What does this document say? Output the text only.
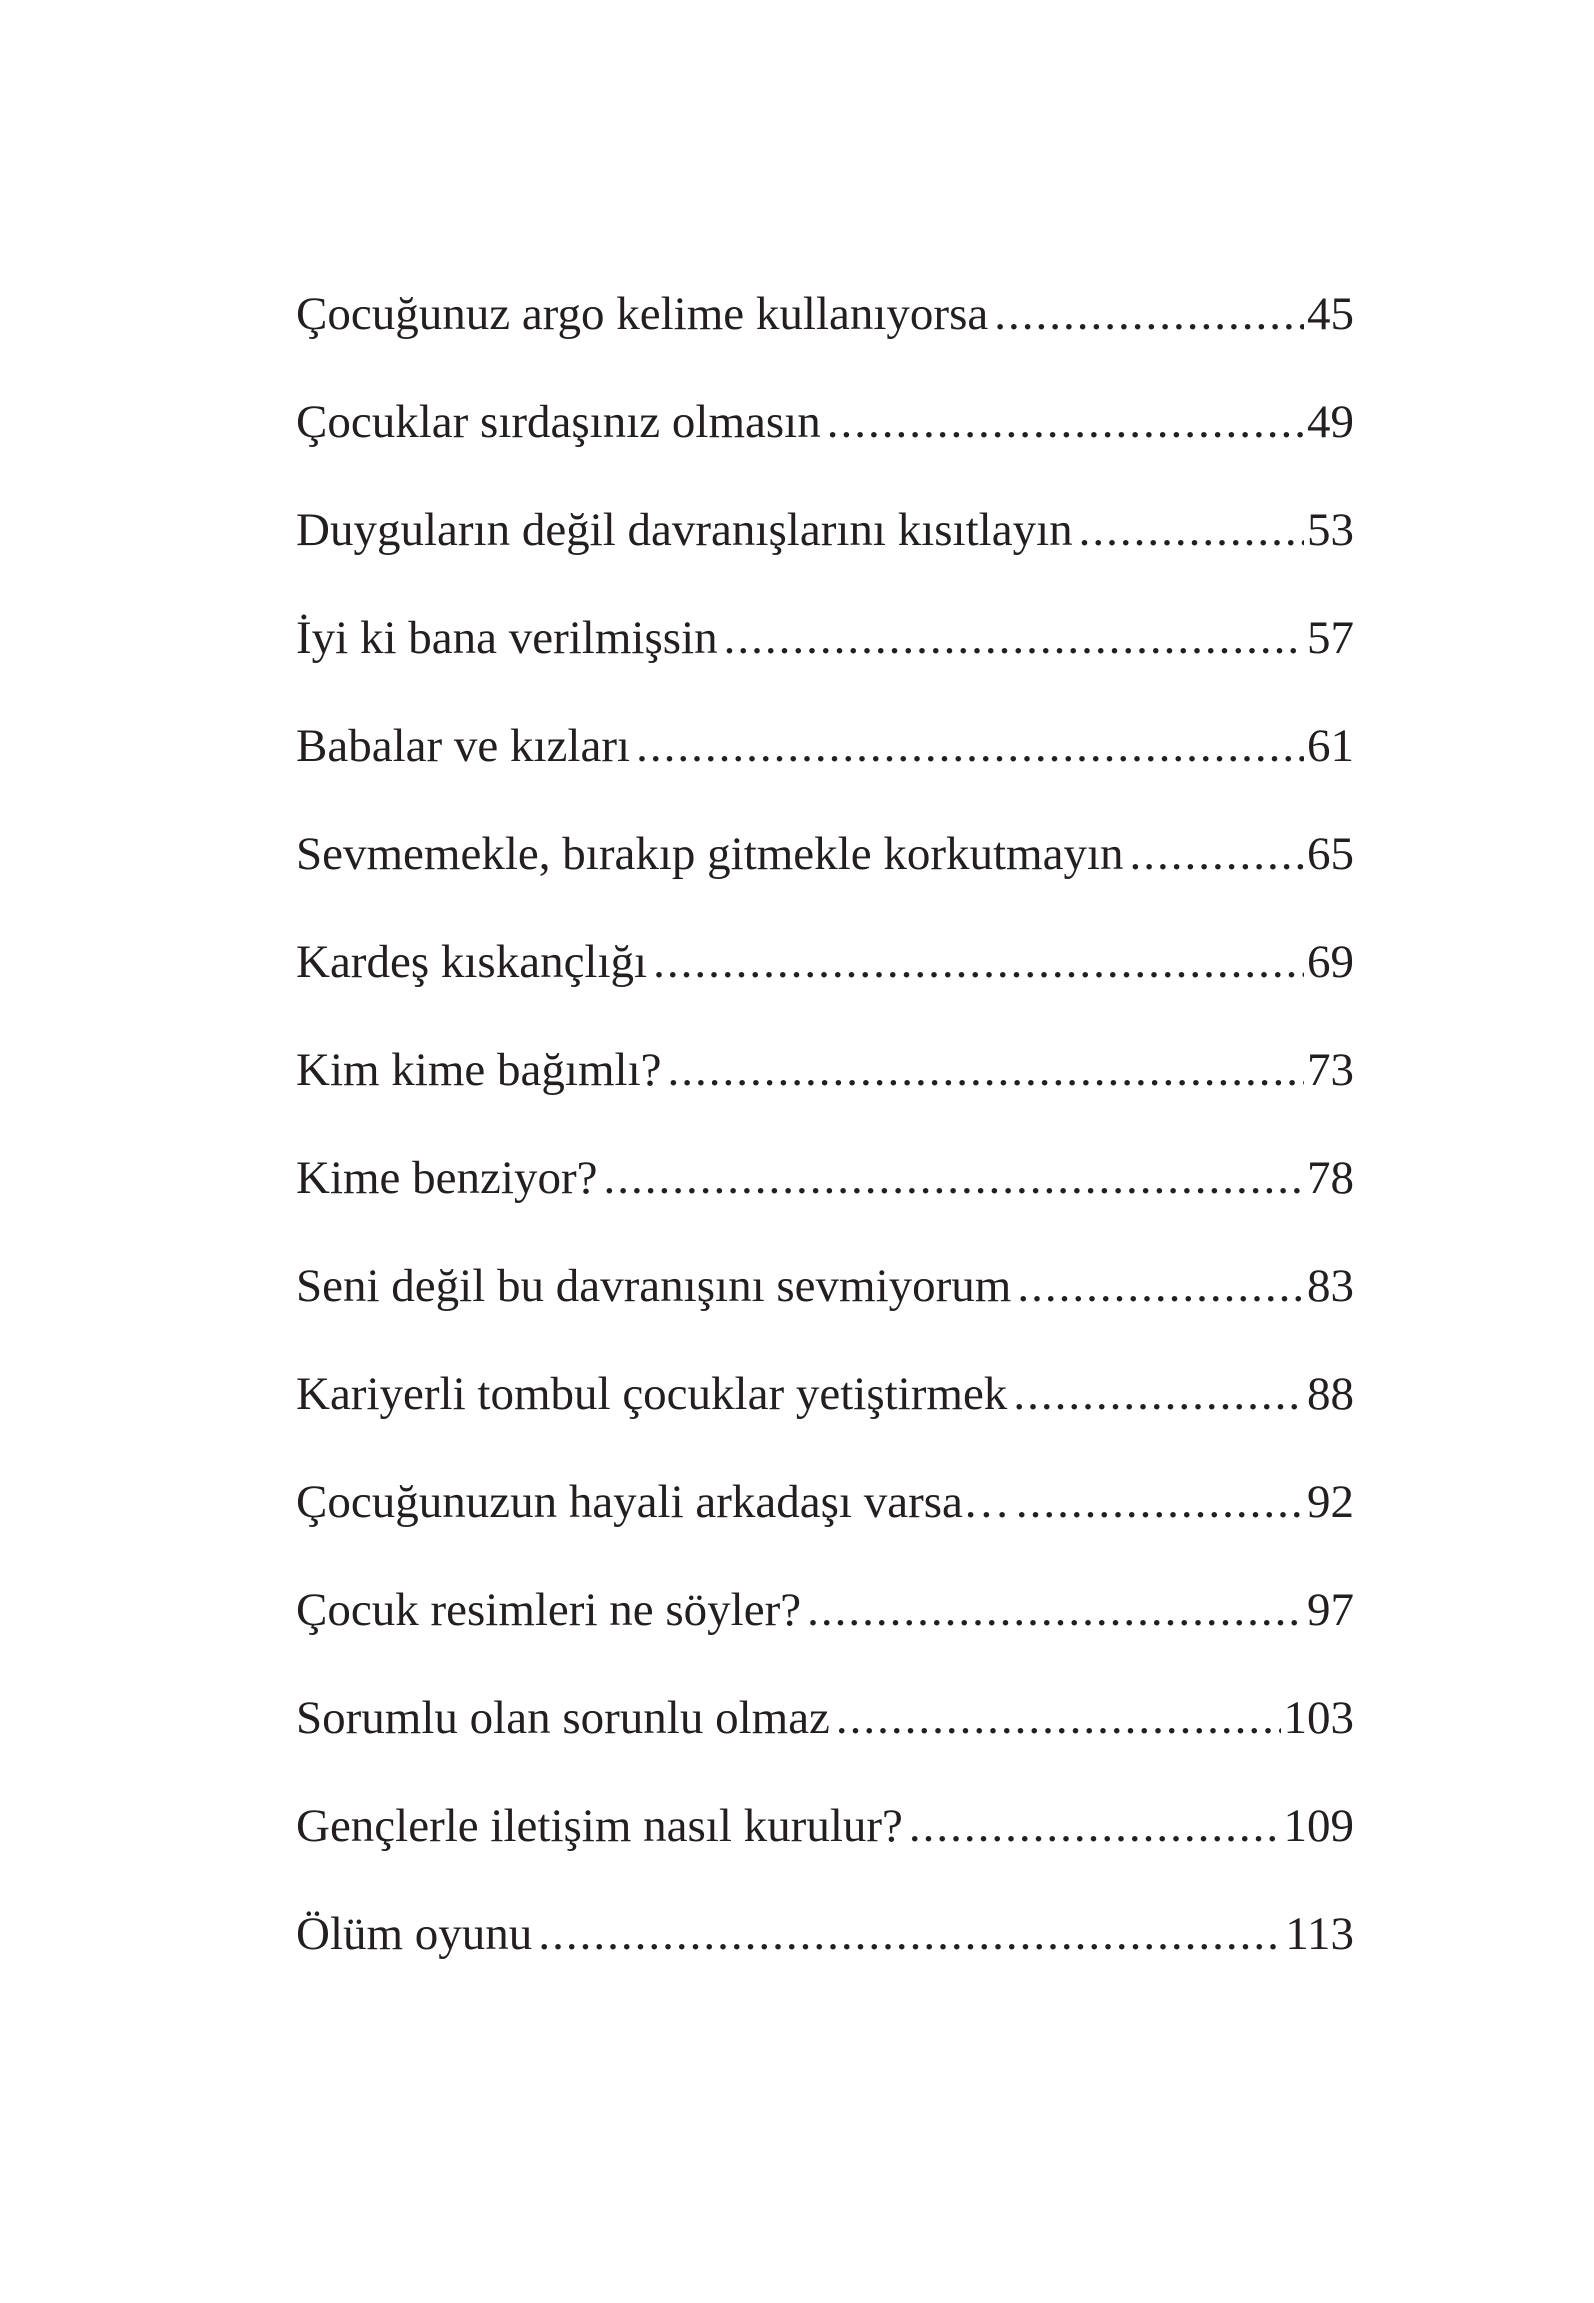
Çocuğunuz argo kelime kullanıyorsa .....	45
Çocuklar sırdaşınız olmasın .....	49
Duyguların değil davranışlarını kısıtlayın .....	53
İyi ki bana verilmişsin .....	57
Babalar ve kızları .....	61
Sevmemekle, bırakıp gitmekle korkutmayın .....	65
Kardeş kıskançlığı .....	69
Kim kime bağımlı? .....	73
Kime benziyor? .....	78
Seni değil bu davranışını sevmiyorum .....	83
Kariyerli tombul çocuklar yetiştirmek .....	88
Çocuğunuzun hayali arkadaşı varsa… .....	92
Çocuk resimleri ne söyler? .....	97
Sorumlu olan sorunlu olmaz .....	103
Gençlerle iletişim nasıl kurulur? .....	109
Ölüm oyunu .....	113
